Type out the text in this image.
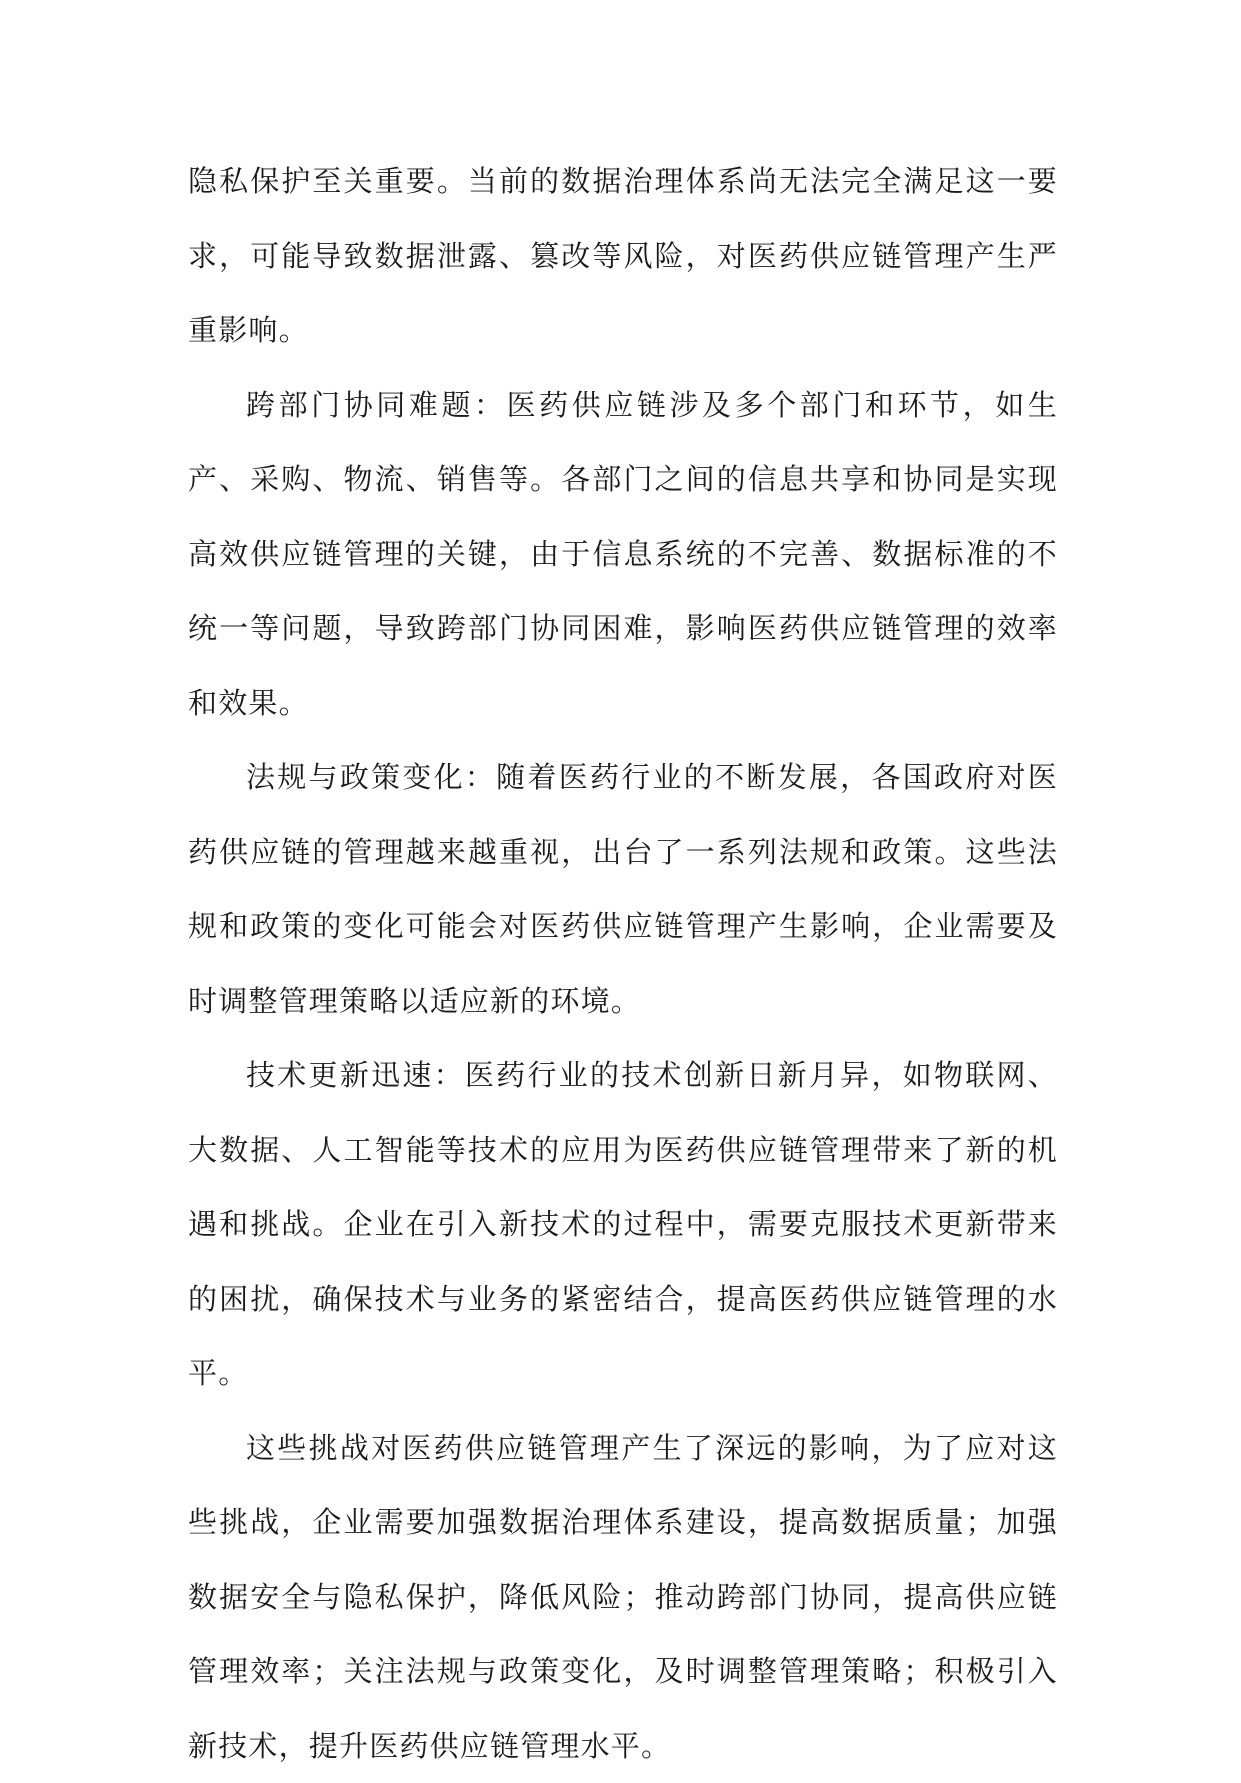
隐私保护至关重要。当前的数据治理体系尚无法完全满足这一要求，可能导致数据泄露、篡改等风险，对医药供应链管理产生严重影响。

跨部门协同难题：医药供应链涉及多个部门和环节，如生产、采购、物流、销售等。各部门之间的信息共享和协同是实现高效供应链管理的关键，由于信息系统的不完善、数据标准的不统一等问题，导致跨部门协同困难，影响医药供应链管理的效率和效果。

法规与政策变化：随着医药行业的不断发展，各国政府对医药供应链的管理越来越重视，出台了一系列法规和政策。这些法规和政策的变化可能会对医药供应链管理产生影响，企业需要及时调整管理策略以适应新的环境。

技术更新迅速：医药行业的技术创新日新月异，如物联网、大数据、人工智能等技术的应用为医药供应链管理带来了新的机遇和挑战。企业在引入新技术的过程中，需要克服技术更新带来的困扰，确保技术与业务的紧密结合，提高医药供应链管理的水平。

这些挑战对医药供应链管理产生了深远的影响，为了应对这些挑战，企业需要加强数据治理体系建设，提高数据质量；加强数据安全与隐私保护，降低风险；推动跨部门协同，提高供应链管理效率；关注法规与政策变化，及时调整管理策略；积极引入新技术，提升医药供应链管理水平。
